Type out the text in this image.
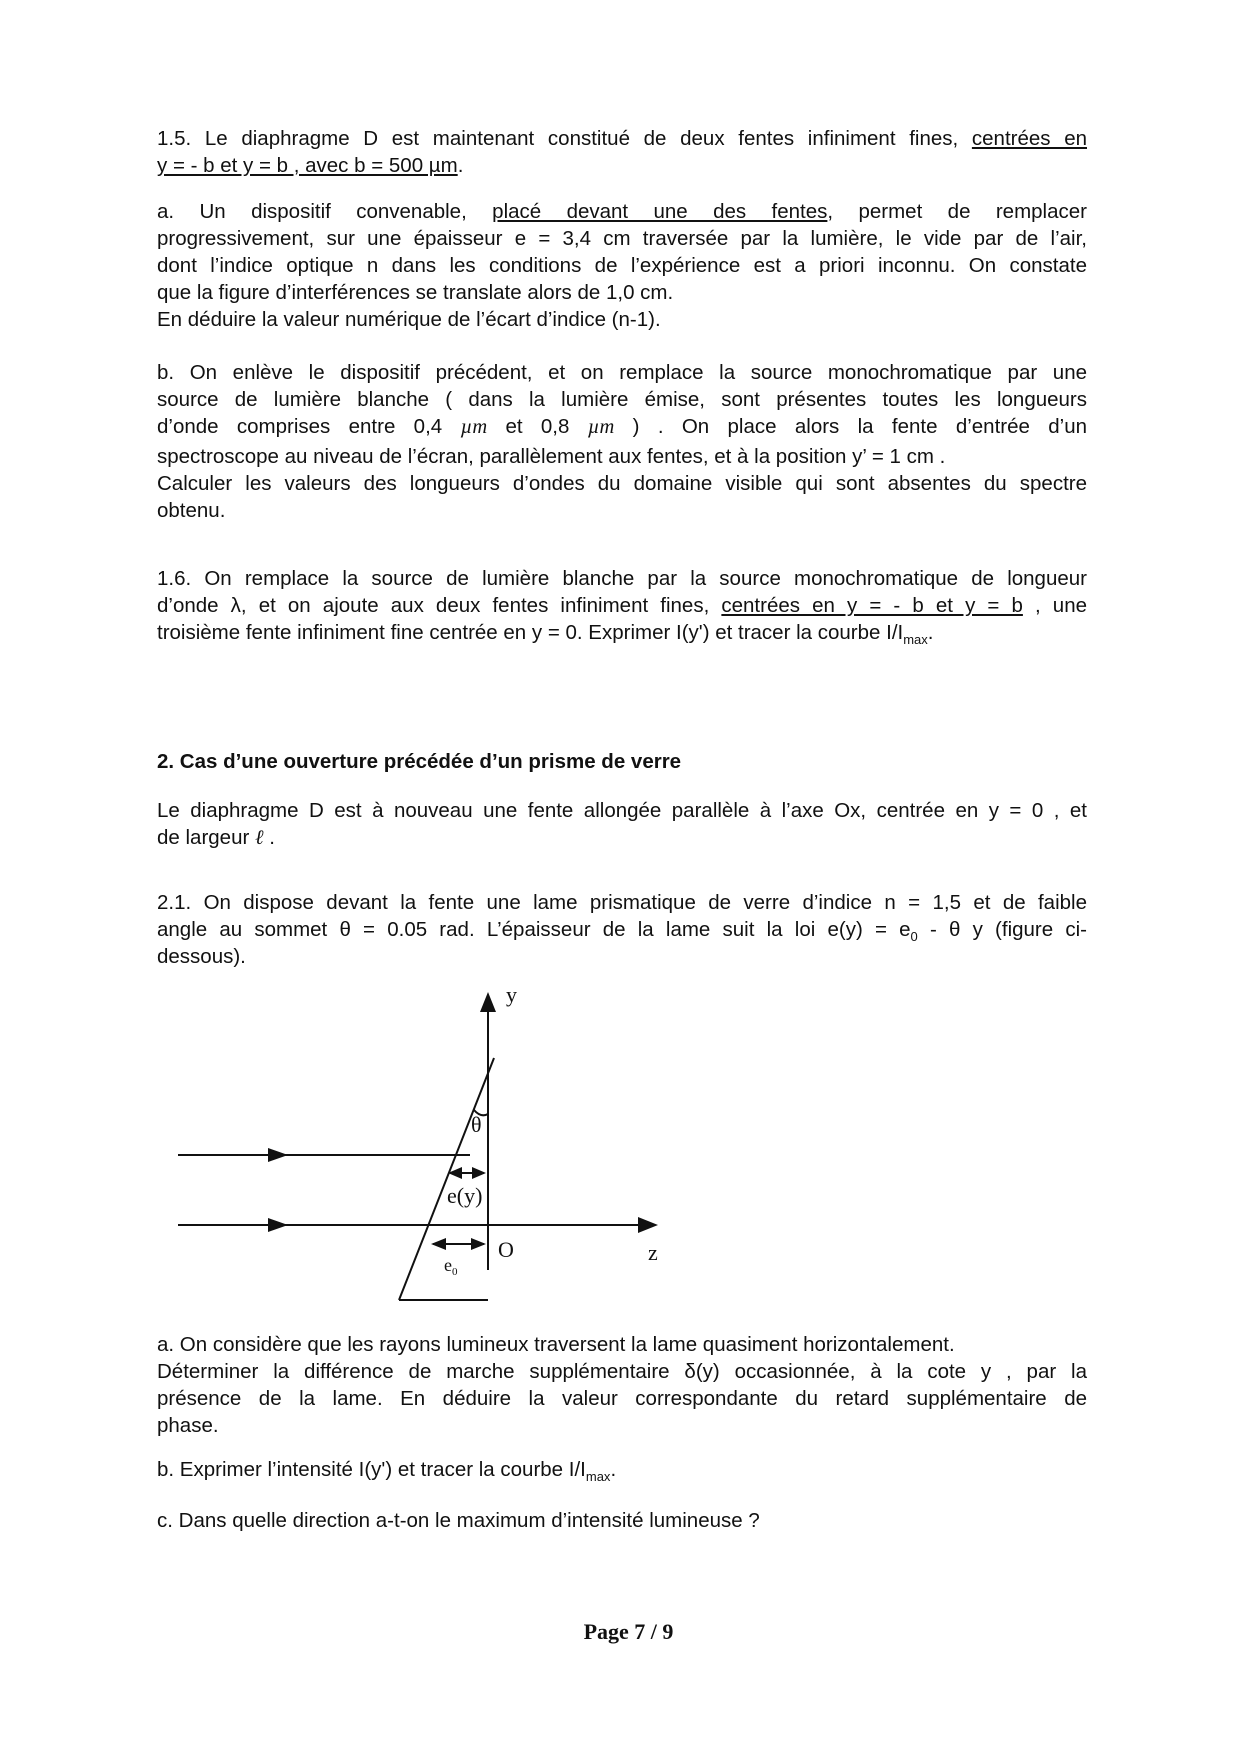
1.5. Le diaphragme D est maintenant constitué de deux fentes infiniment fines, centrées en
y = - b et y = b , avec b = 500 µm.
a. Un dispositif convenable, placé devant une des fentes, permet de remplacer
progressivement, sur une épaisseur e = 3,4 cm traversée par la lumière, le vide par de l’air,
dont l’indice optique n dans les conditions de l’expérience est a priori inconnu. On constate
que la figure d’interférences se translate alors de 1,0 cm.
En déduire la valeur numérique de l’écart d’indice (n-1).
b. On enlève le dispositif précédent, et on remplace la source monochromatique par une
source de lumière blanche ( dans la lumière émise, sont présentes toutes les longueurs
d’onde comprises entre 0,4 µm et 0,8 µm ) . On place alors la fente d’entrée d’un
spectroscope au niveau de l’écran, parallèlement aux fentes, et à la position y’ = 1 cm .
Calculer les valeurs des longueurs d’ondes du domaine visible qui sont absentes du spectre
obtenu.
1.6. On remplace la source de lumière blanche par la source monochromatique de longueur
d’onde λ, et on ajoute aux deux fentes infiniment fines, centrées en y = - b et y = b , une
troisième fente infiniment fine centrée en y = 0. Exprimer I(y') et tracer la courbe $I/I_{max}$.
2. Cas d’une ouverture précédée d’un prisme de verre
Le diaphragme D est à nouveau une fente allongée parallèle à l’axe Ox, centrée en y = 0 , et
de largeur ℓ .
2.1. On dispose devant la fente une lame prismatique de verre d’indice n = 1,5 et de faible
angle au sommet θ = 0.05 rad. L’épaisseur de la lame suit la loi $e(y) = e_0 - \theta$ y (figure ci-
dessous).
y
θ
e(y)
O
$e_0$
z
a. On considère que les rayons lumineux traversent la lame quasiment horizontalement.
Déterminer la différence de marche supplémentaire δ(y) occasionnée, à la cote y , par la
présence de la lame. En déduire la valeur correspondante du retard supplémentaire de
phase.
b. Exprimer l’intensité I(y') et tracer la courbe $I/I_{max}$.
c. Dans quelle direction a-t-on le maximum d’intensité lumineuse ?
Page 7 / 9
